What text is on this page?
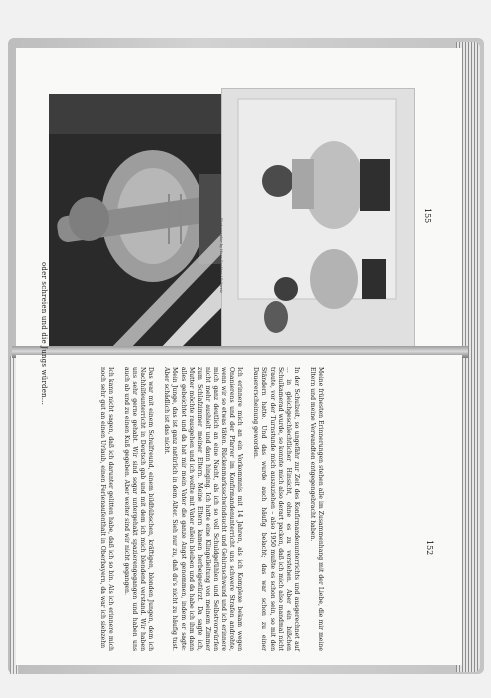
Meine frühesten Erinnerungen stehen alle im Zusammenhang mit der Liebe, die mir meine Eltern und meine Verwandten entgegengebracht haben.

In der Schulzeit, so ungefähr zur Zeit des Konfirmandenunterrichts und ausgerechnet auf ... in gleichgeschlechtlicher Hinsicht, ohne es zu verstehen. Aber ein bißchen Schulkamerad wurde, so konnte mich also derart packen, daß ich mich also mandmal nicht traute, vor der Turnstunde mich auszuziehen – also 1950 mußte es schon sein, so mit den Ständern hatte. Und das wurde auch häufig belacht; das war schon zu einer Dauererscheinung geworden.

Ich erinnere mich an ein Vorkommnis mit 14 Jahren, als ich Komplexe bekam wegen Onanierens und der Pfarrer im Konfirmandenunterricht uns schwere Strafen androhte, wenn wir so etwas täten. Rückenmarksschwindsucht und Gehirnschwund und ich erinnere mich ganz deutlich an eine Nacht, als ich so voll Schuldgefühlen und Selbstvorwürfen nicht mehr aushielt und dann hinging. Ich hatte eine Klingelleitung von meinem Zimmer zum Schlafzimmer meiner Eltern. Meine Eltern kamen herbeigestürzt. Da sagte ich, Mutter möchte rausgehen und ich wollte mit Vater allein bleiben und da habe ich ihm dann alles gebeichtet und da hat mir mein Vater die ganze Angst genommen, indem er sagte: Mein Junge, das ist ganz natürlich in dem Alter. Sieh nur zu, daß du's nicht zu häufig tust. Aber schädlich ist das nicht.

Das war mit einem Schulfreund, einem bildhübschen, kräftigen, blonden Jungen, dem ich Nachhilfeunterricht in Deutsch gab und mit dem ich mich blendend verstand. Wir haben uns sehr gerne gehabt. Wir sind sogar untergehakt spazierengegangen und haben uns auch ab und zu einen Kuß gegeben. Aber weiter sind wir nicht gegangen.

Ich kann nicht sagen, daß ich darunter gelitten habe, daß ich so bin. Als ich erinnere mich noch sehr gut an einen Urlaub, einen Ferienaufenthalt in Oberbayern, da war ich siebzehn

oder schreien und die Jungs würden...
Photographie by Hans Gachter / Schweiz
155
152
